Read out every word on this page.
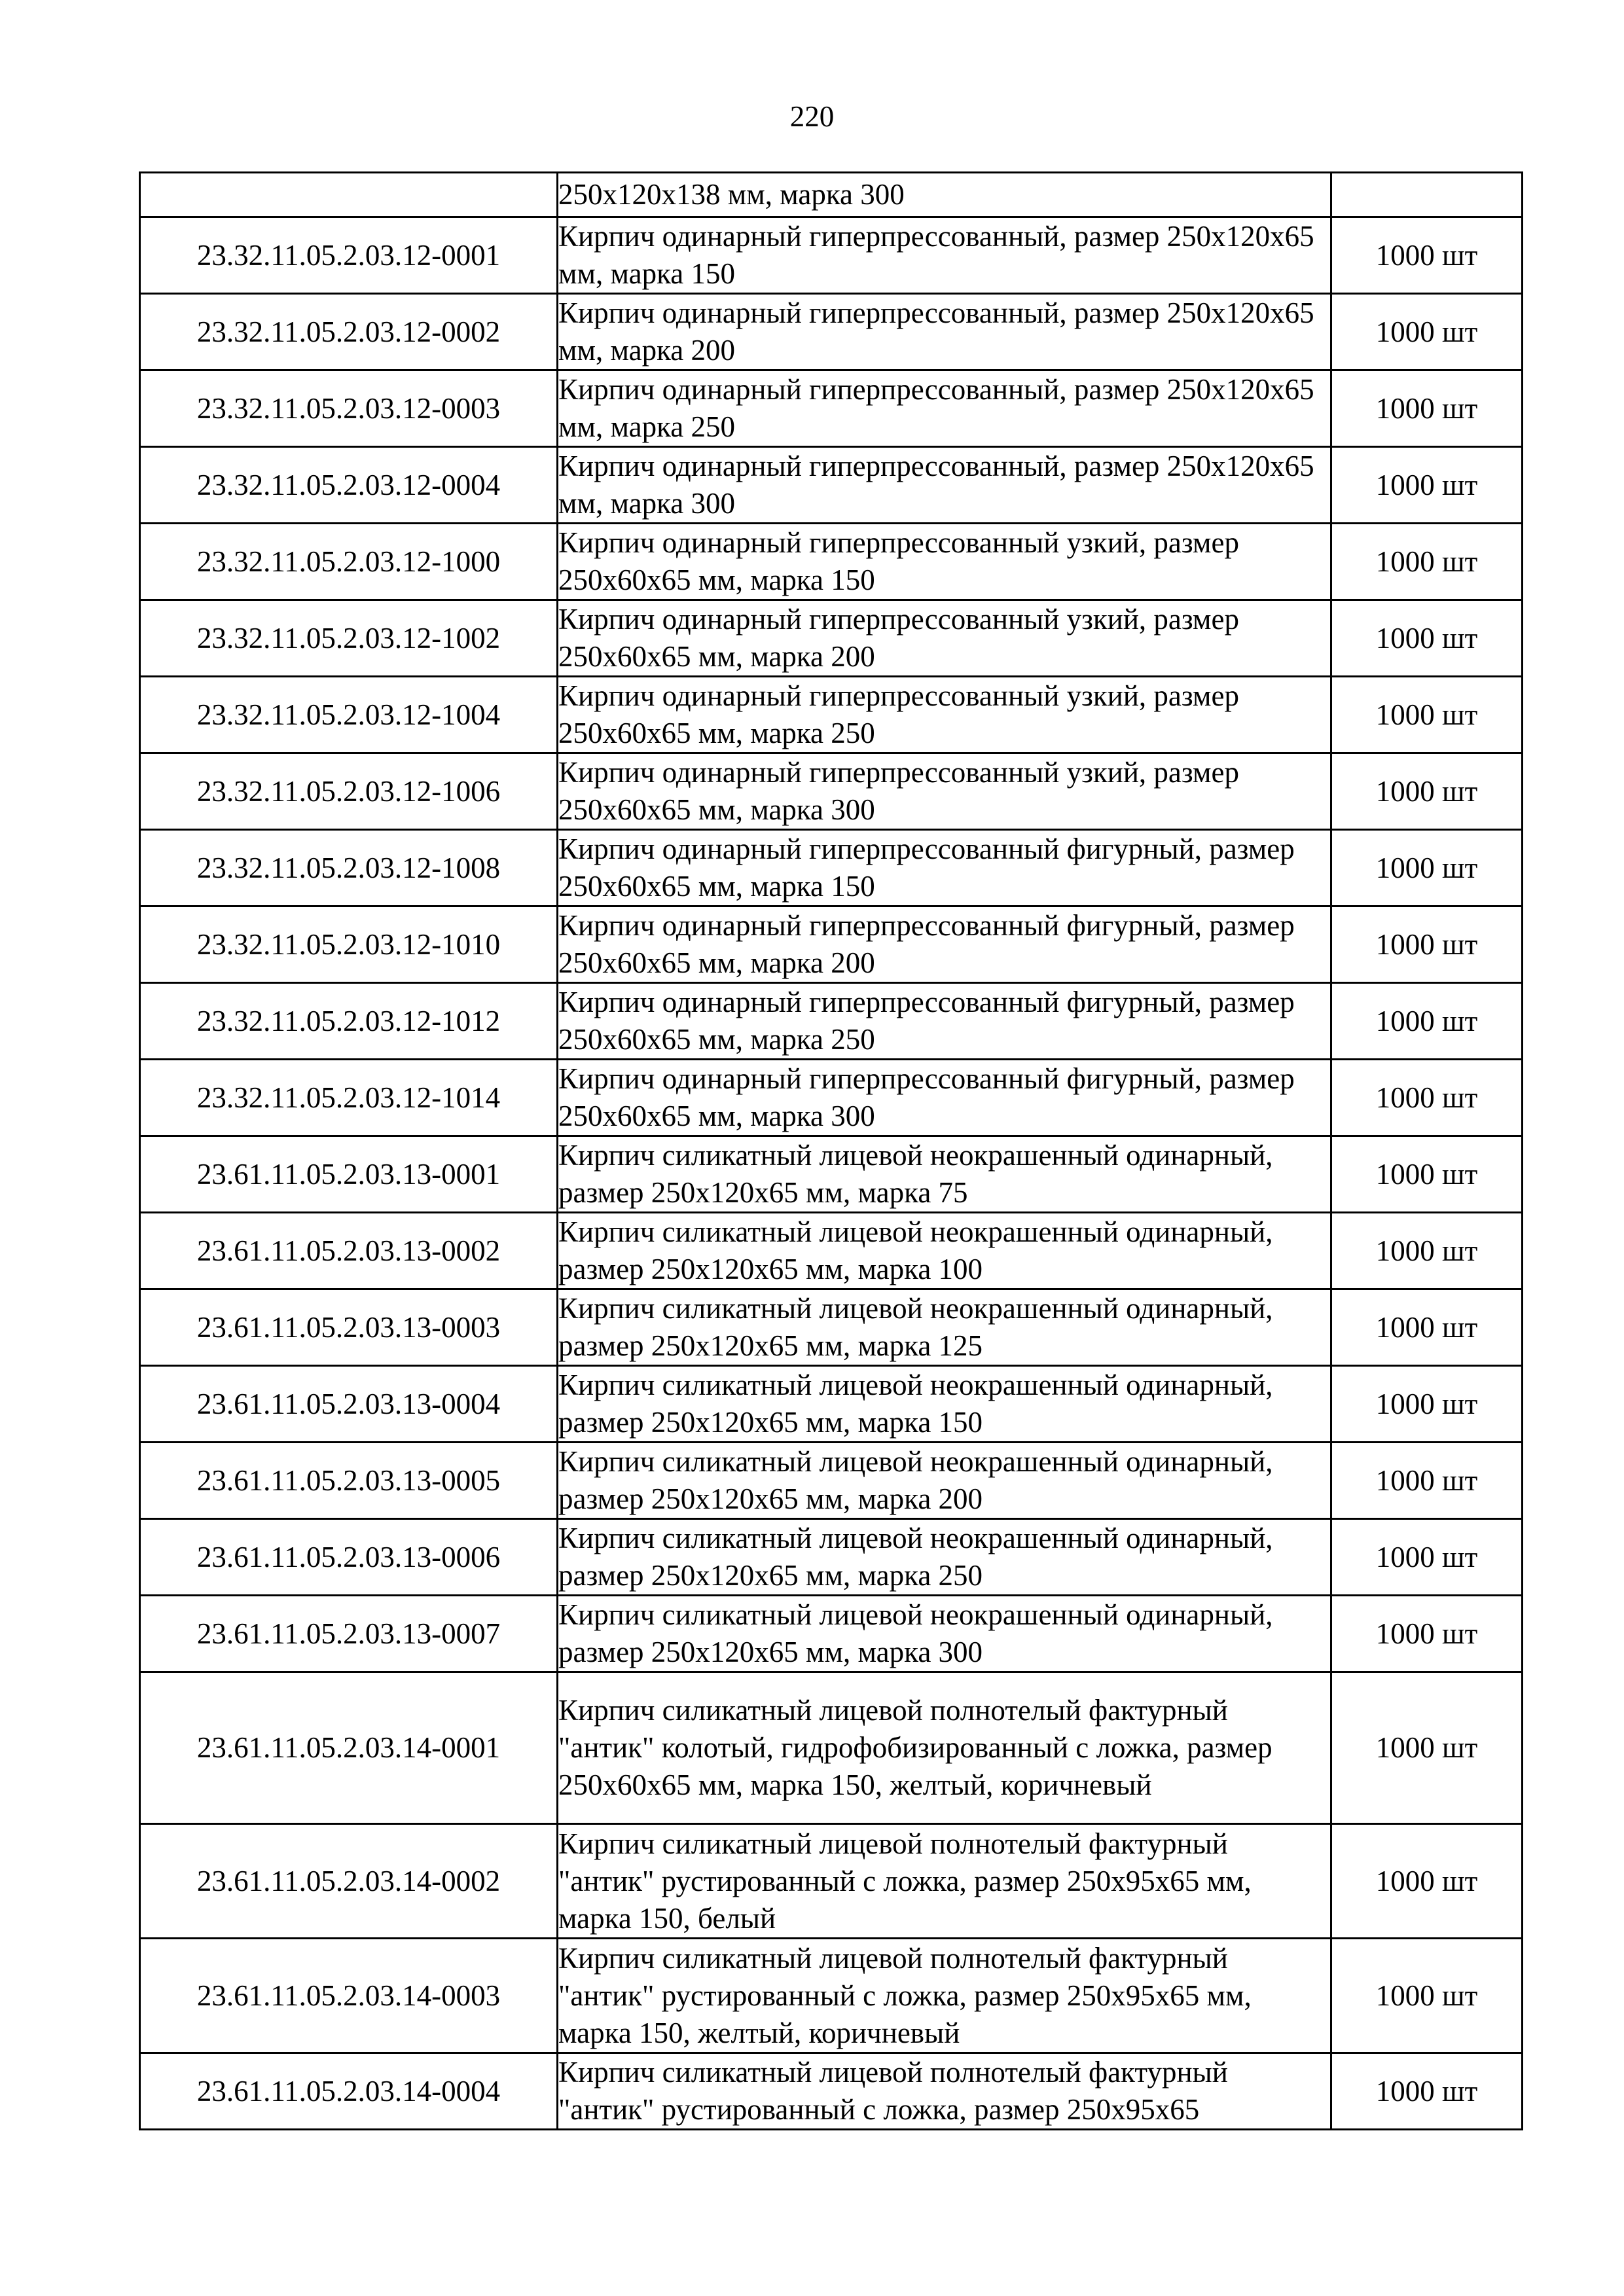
220
	250х120х138 мм, марка 300	
23.32.11.05.2.03.12-0001	Кирпич одинарный гиперпрессованный, размер 250х120х65 мм, марка 150	1000 шт
23.32.11.05.2.03.12-0002	Кирпич одинарный гиперпрессованный, размер 250х120х65 мм, марка 200	1000 шт
23.32.11.05.2.03.12-0003	Кирпич одинарный гиперпрессованный, размер 250х120х65 мм, марка 250	1000 шт
23.32.11.05.2.03.12-0004	Кирпич одинарный гиперпрессованный, размер 250х120х65 мм, марка 300	1000 шт
23.32.11.05.2.03.12-1000	Кирпич одинарный гиперпрессованный узкий, размер 250х60х65 мм, марка 150	1000 шт
23.32.11.05.2.03.12-1002	Кирпич одинарный гиперпрессованный узкий, размер 250х60х65 мм, марка 200	1000 шт
23.32.11.05.2.03.12-1004	Кирпич одинарный гиперпрессованный узкий, размер 250х60х65 мм, марка 250	1000 шт
23.32.11.05.2.03.12-1006	Кирпич одинарный гиперпрессованный узкий, размер 250х60х65 мм, марка 300	1000 шт
23.32.11.05.2.03.12-1008	Кирпич одинарный гиперпрессованный фигурный, размер 250х60х65 мм, марка 150	1000 шт
23.32.11.05.2.03.12-1010	Кирпич одинарный гиперпрессованный фигурный, размер 250х60х65 мм, марка 200	1000 шт
23.32.11.05.2.03.12-1012	Кирпич одинарный гиперпрессованный фигурный, размер 250х60х65 мм, марка 250	1000 шт
23.32.11.05.2.03.12-1014	Кирпич одинарный гиперпрессованный фигурный, размер 250х60х65 мм, марка 300	1000 шт
23.61.11.05.2.03.13-0001	Кирпич силикатный лицевой неокрашенный одинарный, размер 250х120х65 мм, марка 75	1000 шт
23.61.11.05.2.03.13-0002	Кирпич силикатный лицевой неокрашенный одинарный, размер 250х120х65 мм, марка 100	1000 шт
23.61.11.05.2.03.13-0003	Кирпич силикатный лицевой неокрашенный одинарный, размер 250х120х65 мм, марка 125	1000 шт
23.61.11.05.2.03.13-0004	Кирпич силикатный лицевой неокрашенный одинарный, размер 250х120х65 мм, марка 150	1000 шт
23.61.11.05.2.03.13-0005	Кирпич силикатный лицевой неокрашенный одинарный, размер 250х120х65 мм, марка 200	1000 шт
23.61.11.05.2.03.13-0006	Кирпич силикатный лицевой неокрашенный одинарный, размер 250х120х65 мм, марка 250	1000 шт
23.61.11.05.2.03.13-0007	Кирпич силикатный лицевой неокрашенный одинарный, размер 250х120х65 мм, марка 300	1000 шт
23.61.11.05.2.03.14-0001	Кирпич силикатный лицевой полнотелый фактурный "антик" колотый, гидрофобизированный с ложка, размер 250х60х65 мм, марка 150, желтый, коричневый	1000 шт
23.61.11.05.2.03.14-0002	Кирпич силикатный лицевой полнотелый фактурный "антик" рустированный с ложка, размер 250х95х65 мм, марка 150, белый	1000 шт
23.61.11.05.2.03.14-0003	Кирпич силикатный лицевой полнотелый фактурный "антик" рустированный с ложка, размер 250х95х65 мм, марка 150, желтый, коричневый	1000 шт
23.61.11.05.2.03.14-0004	Кирпич силикатный лицевой полнотелый фактурный "антик" рустированный с ложка, размер 250х95х65	1000 шт
